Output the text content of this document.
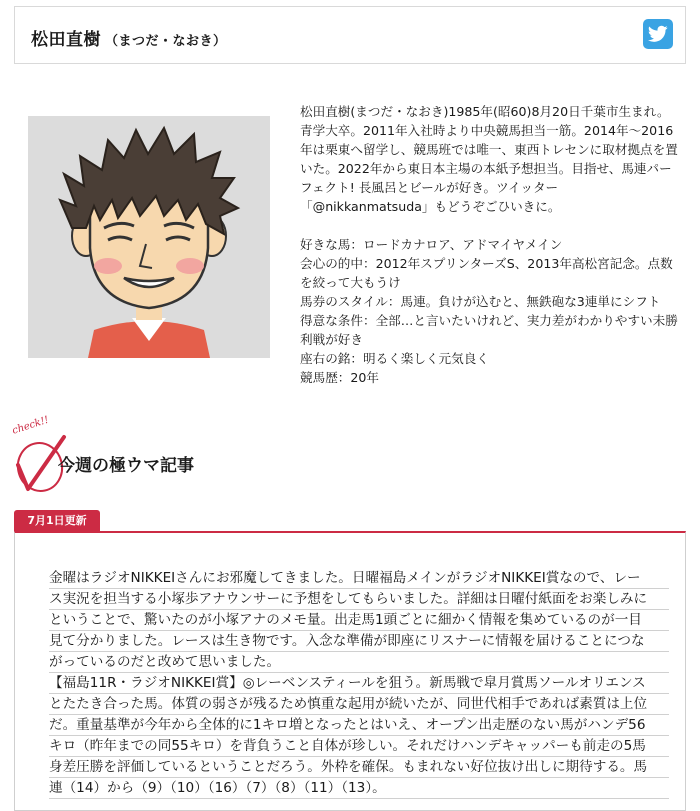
松田直樹 （まつだ・なおき）

松田直樹(まつだ・なおき)1985年(昭60)8月20日千葉市生まれ。

青学大卒。2011年入社時より中央競馬担当一筋。2014年～2016

年は栗東へ留学し、競馬班では唯一、東西トレセンに取材拠点を置

いた。2022年から東日本主場の本紙予想担当。目指せ、馬連パー

フェクト! 長風呂とビールが好き。ツイッター

「@nikkanmatsuda」もどうぞごひいきに。

好きな馬：ロードカナロア、アドマイヤメイン

会心の的中：2012年スプリンターズS、2013年高松宮記念。点数

を絞って大もうけ

馬券のスタイル：馬連。負けが込むと、無鉄砲な3連単にシフト

得意な条件：全部…と言いたいけれど、実力差がわかりやすい未勝

利戦が好き

座右の銘：明るく楽しく元気良く

競馬歴：20年

check!!
今週の極ウマ記事
7月1日更新
金曜はラジオNIKKEIさんにお邪魔してきました。日曜福島メインがラジオNIKKEI賞なので、レー
ス実況を担当する小塚歩アナウンサーに予想をしてもらいました。詳細は日曜付紙面をお楽しみに
ということで、驚いたのが小塚アナのメモ量。出走馬1頭ごとに細かく情報を集めているのが一目
見て分かりました。レースは生き物です。入念な準備が即座にリスナーに情報を届けることにつな
がっているのだと改めて思いました。
【福島11R・ラジオNIKKEI賞】◎レーベンスティールを狙う。新馬戦で皐月賞馬ソールオリエンス
とたたき合った馬。体質の弱さが残るため慎重な起用が続いたが、同世代相手であれば素質は上位
だ。重量基準が今年から全体的に1キロ増となったとはいえ、オープン出走歴のない馬がハンデ56
キロ（昨年までの同55キロ）を背負うこと自体が珍しい。それだけハンデキャッパーも前走の5馬
身差圧勝を評価しているということだろう。外枠を確保。もまれない好位抜け出しに期待する。馬
連（14）から（9）（10）（16）（7）（8）（11）（13）。
